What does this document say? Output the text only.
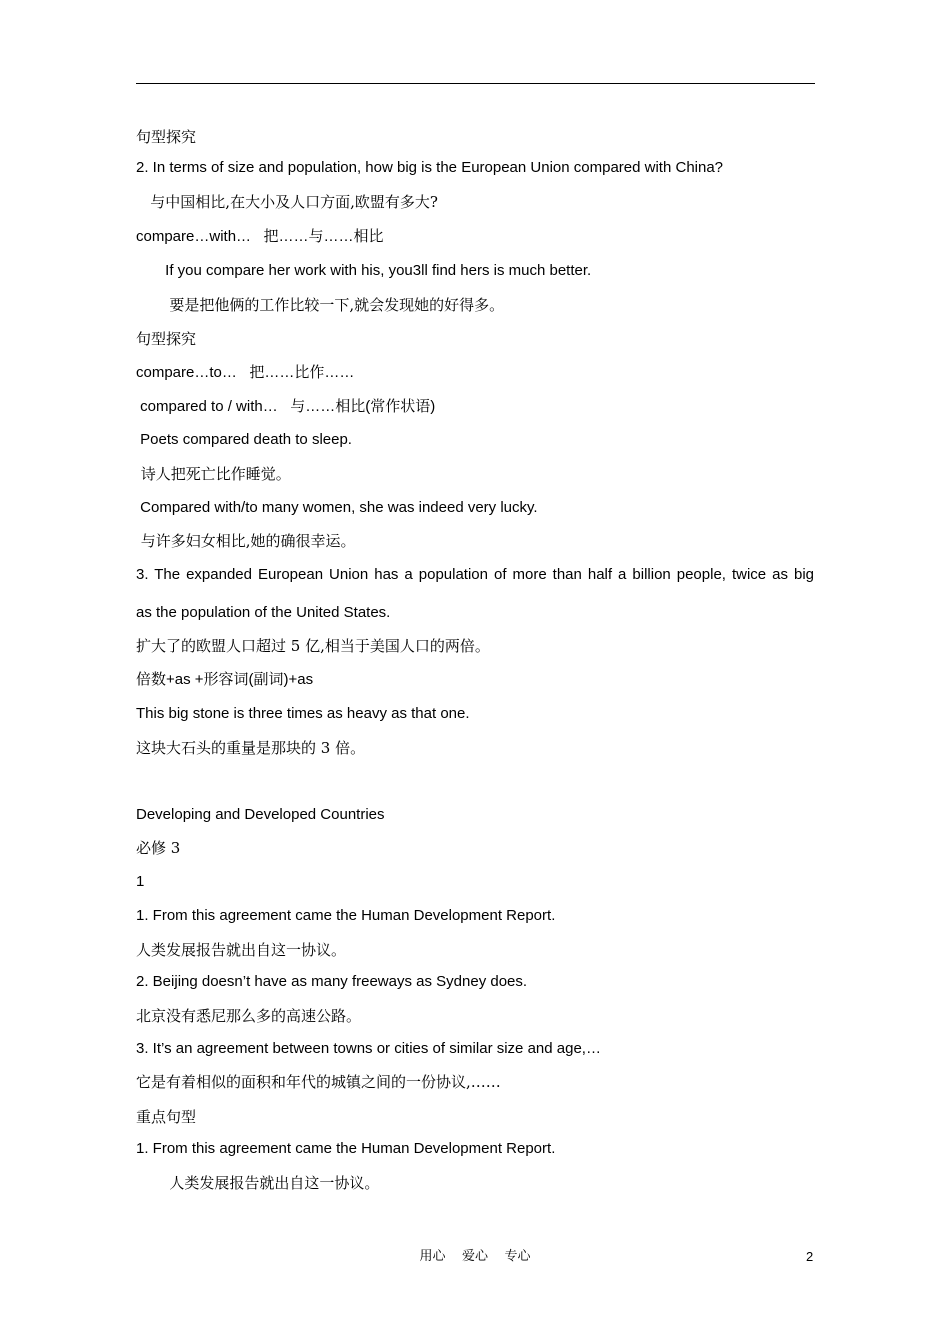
句型探究
2. In terms of size and population, how big is the European Union compared with China?
与中国相比,在大小及人口方面,欧盟有多大?
compare…with…   把……与……相比
If you compare her work with his, you3ll find hers is much better.
要是把他俩的工作比较一下,就会发现她的好得多。
句型探究
compare…to…   把……比作……
compared to / with…   与……相比(常作状语)
Poets compared death to sleep.
诗人把死亡比作睡觉。
Compared with/to many women, she was indeed very lucky.
与许多妇女相比,她的确很幸运。
3. The expanded European Union has a population of more than half a billion people, twice as big
as the population of the United States.
扩大了的欧盟人口超过 5 亿,相当于美国人口的两倍。
倍数+as +形容词(副词)+as
This big stone is three times as heavy as that one.
这块大石头的重量是那块的 3 倍。
Developing and Developed Countries
必修 3
1
1. From this agreement came the Human Development Report.
人类发展报告就出自这一协议。
2. Beijing doesn’t have as many freeways as Sydney does.
北京没有悉尼那么多的高速公路。
3. It’s an agreement between towns or cities of similar size and age,…
它是有着相似的面积和年代的城镇之间的一份协议,……
重点句型
1. From this agreement came the Human Development Report.
人类发展报告就出自这一协议。
用心    爱心    专心	2
